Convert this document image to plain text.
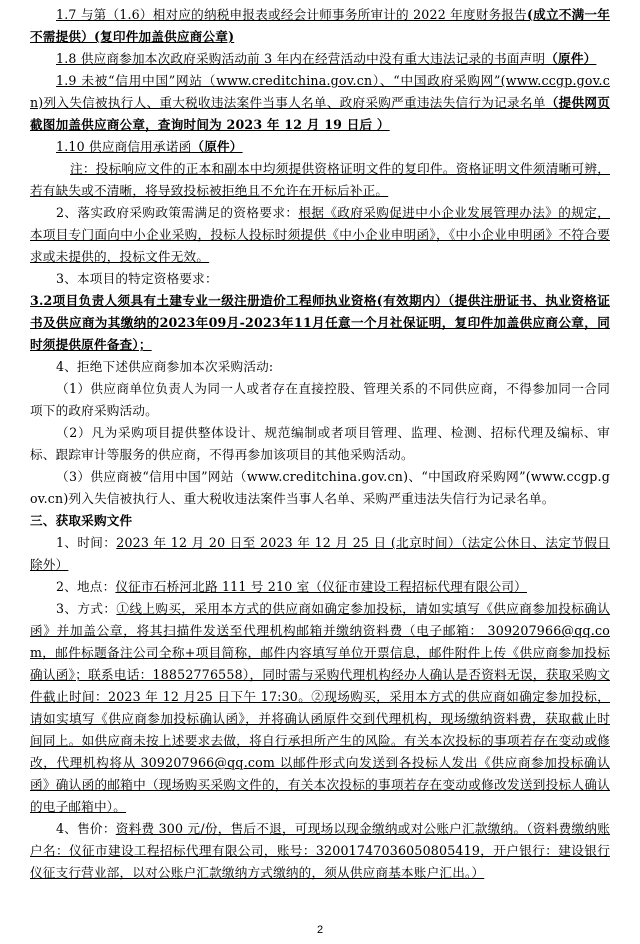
1.7 与第（1.6）相对应的纳税申报表或经会计师事务所审计的 2022 年度财务报告(成立不满一年不需提供）(复印件加盖供应商公章)

1.8 供应商参加本次政府采购活动前 3 年内在经营活动中没有重大违法记录的书面声明（原件）

1.9 未被“信用中国”网站（www.creditchina.gov.cn）、“中国政府采购网”(www.ccgp.gov.cn)列入失信被执行人、重大税收违法案件当事人名单、政府采购严重违法失信行为记录名单（提供网页截图加盖供应商公章，查询时间为 2023 年 12 月 19 日后 ）

1.10 供应商信用承诺函（原件）

注：投标响应文件的正本和副本中均须提供资格证明文件的复印件。资格证明文件须清晰可辨，若有缺失或不清晰，将导致投标被拒绝且不允许在开标后补正。

2、落实政府采购政策需满足的资格要求：根据《政府采购促进中小企业发展管理办法》的规定，本项目专门面向中小企业采购，投标人投标时须提供《中小企业申明函》，《中小企业申明函》不符合要求或未提供的，投标文件无效。

3、本项目的特定资格要求：

3.2项目负责人须具有土建专业一级注册造价工程师执业资格(有效期内）（提供注册证书、执业资格证书及供应商为其缴纳的2023年09月-2023年11月任意一个月社保证明，复印件加盖供应商公章，同时须提供原件备查）；

4、拒绝下述供应商参加本次采购活动:

（1）供应商单位负责人为同一人或者存在直接控股、管理关系的不同供应商，不得参加同一合同项下的政府采购活动。

（2）凡为采购项目提供整体设计、规范编制或者项目管理、监理、检测、招标代理及编标、审标、跟踪审计等服务的供应商，不得再参加该项目的其他采购活动。

（3）供应商被“信用中国”网站（www.creditchina.gov.cn)、“中国政府采购网”(www.ccgp.gov.cn)列入失信被执行人、重大税收违法案件当事人名单、采购严重违法失信行为记录名单。

三、获取采购文件

1、时间：2023 年 12 月 20 日至 2023 年 12 月 25 日 (北京时间）（法定公休日、法定节假日除外）

2、地点：仪征市石桥河北路 111 号 210 室（仪征市建设工程招标代理有限公司）

3、方式：①线上购买，采用本方式的供应商如确定参加投标，请如实填写《供应商参加投标确认函》并加盖公章，将其扫描件发送至代理机构邮箱并缴纳资料费（电子邮箱： 309207966@qq.com，邮件标题备注公司全称+项目简称，邮件内容填写单位开票信息，邮件附件上传《供应商参加投标确认函》；联系电话：18852776558），同时需与采购代理机构经办人确认是否资料无误，获取采购文件截止时间：2023 年 12 月25 日下午 17:30。②现场购买，采用本方式的供应商如确定参加投标，请如实填写《供应商参加投标确认函》，并将确认函原件交到代理机构，现场缴纳资料费，获取截止时间同上。如供应商未按上述要求去做，将自行承担所产生的风险。有关本次投标的事项若存在变动或修改，代理机构将从 309207966@qq.com 以邮件形式向发送到各投标人发出《供应商参加投标确认函》确认函的邮箱中（现场购买采购文件的，有关本次投标的事项若存在变动或修改发送到投标人确认的电子邮箱中）。

4、售价：资料费 300 元/份，售后不退，可现场以现金缴纳或对公账户汇款缴纳。（资料费缴纳账户名：仪征市建设工程招标代理有限公司，账号：32001747036050805419，开户银行：建设银行仪征支行营业部，以对公账户汇款缴纳方式缴纳的，须从供应商基本账户汇出。）

2
